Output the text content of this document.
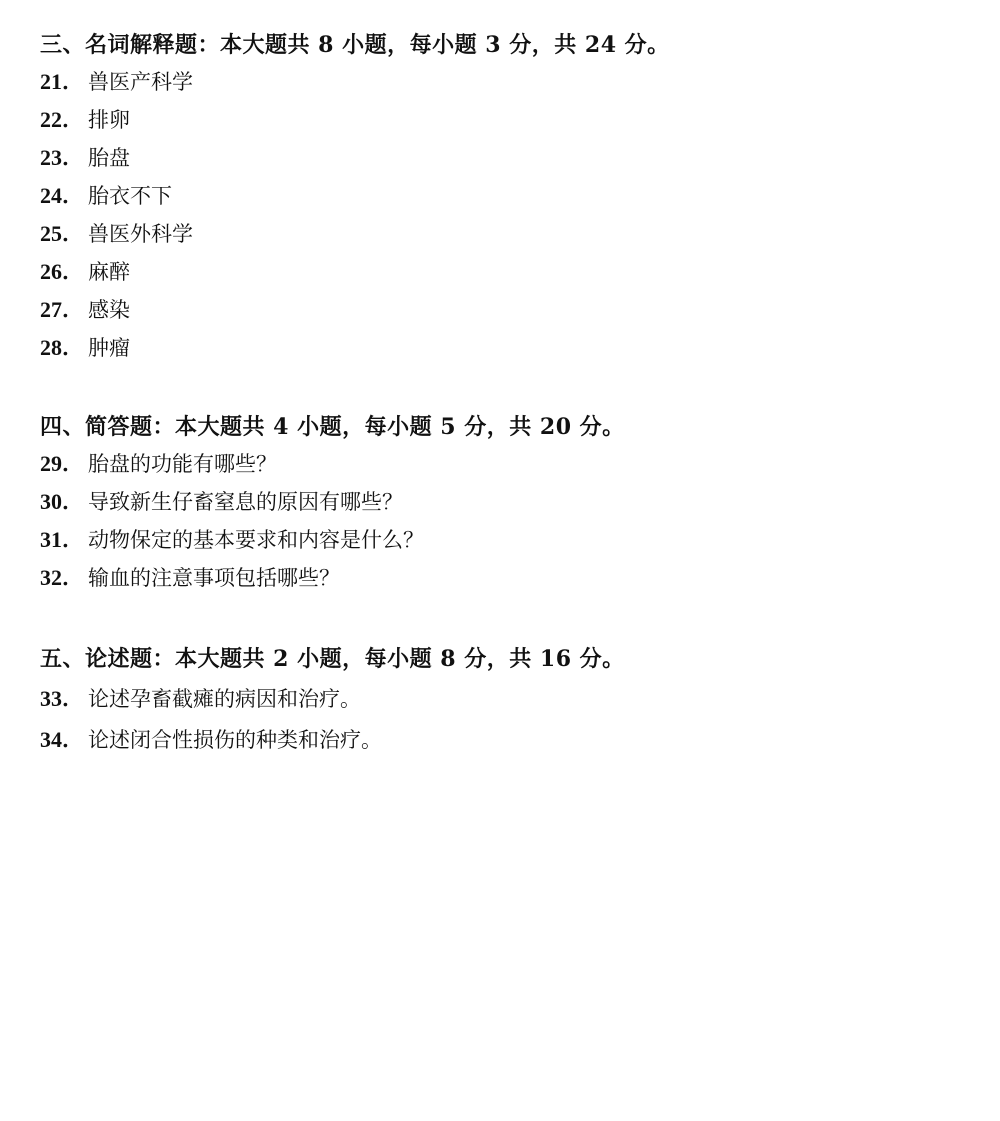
三、名词解释题：本大题共 8 小题，每小题 3 分，共 24 分。
21． 兽医产科学
22． 排卵
23． 胎盘
24． 胎衣不下
25． 兽医外科学
26． 麻醉
27． 感染
28． 肿瘤
四、简答题：本大题共 4 小题，每小题 5 分，共 20 分。
29． 胎盘的功能有哪些？
30． 导致新生仔畜窒息的原因有哪些？
31． 动物保定的基本要求和内容是什么？
32． 输血的注意事项包括哪些？
五、论述题：本大题共 2 小题，每小题 8 分，共 16 分。
33． 论述孕畜截瘫的病因和治疗。
34． 论述闭合性损伤的种类和治疗。
